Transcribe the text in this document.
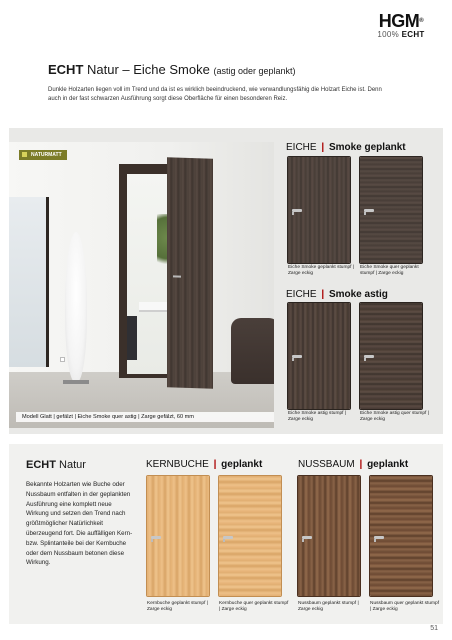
HGM®
100% ECHT
ECHT Natur – Eiche Smoke (astig oder geplankt)

Dunkle Holzarten liegen voll im Trend und da ist es wirklich beeindruckend, wie verwandlungsfähig die Holzart Eiche ist. Denn auch in der fast schwarzen Ausführung sorgt diese Oberfläche für einen besonderen Reiz.

NATURMATT
Modell Glatt | gefälzt | Eiche Smoke quer astig | Zarge gefälzt, 60 mm
EICHE | Smoke geplankt
Eiche Smoke geplankt stumpf | Zarge eckig
Eiche Smoke quer geplankt stumpf | Zarge eckig
EICHE | Smoke astig
Eiche Smoke astig stumpf | Zarge eckig
Eiche Smoke astig quer stumpf | Zarge eckig
ECHT Natur

Bekannte Holzarten wie Buche oder Nussbaum entfalten in der geplankten Ausführung eine komplett neue Wirkung und setzen den Trend nach größtmöglicher Natürlichkeit überzeugend fort. Die auffälligen Kern- bzw. Splintanteile bei der Kernbuche oder dem Nussbaum betonen diese Wirkung.

KERNBUCHE | geplankt
Kernbuche geplankt stumpf | Zarge eckig
Kernbuche quer geplankt stumpf | Zarge eckig
NUSSBAUM | geplankt
Nussbaum geplankt stumpf | Zarge eckig
Nussbaum quer geplankt stumpf | Zarge eckig
51
